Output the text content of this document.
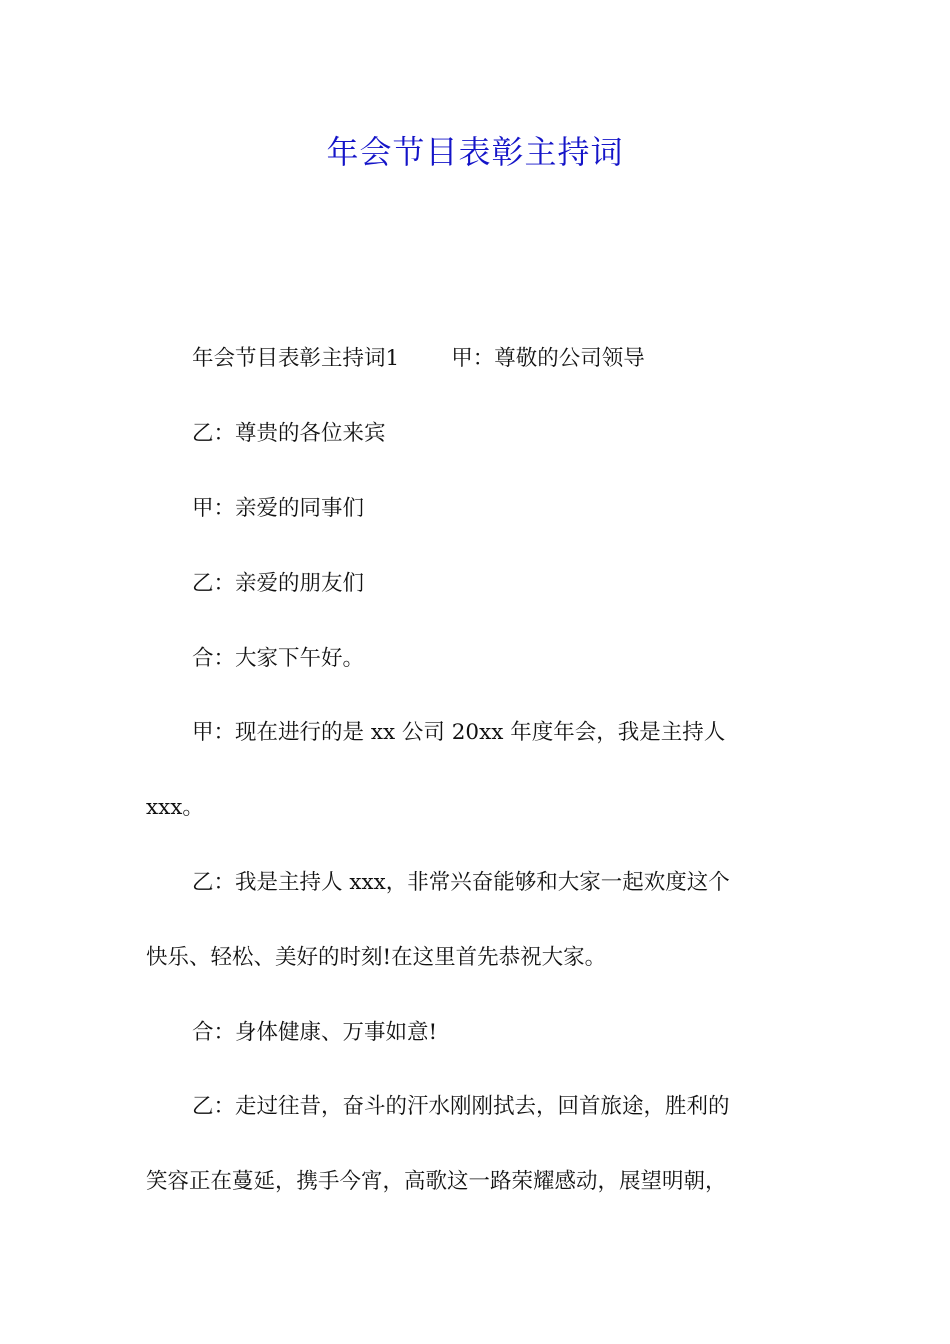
年会节目表彰主持词

年会节目表彰主持词1 甲：尊敬的公司领导

乙：尊贵的各位来宾

甲：亲爱的同事们

乙：亲爱的朋友们

合：大家下午好。

甲：现在进行的是 xx 公司 20xx 年度年会，我是主持人

xxx。

乙：我是主持人 xxx，非常兴奋能够和大家一起欢度这个

快乐、轻松、美好的时刻!在这里首先恭祝大家。

合：身体健康、万事如意!

乙：走过往昔，奋斗的汗水刚刚拭去，回首旅途，胜利的

笑容正在蔓延，携手今宵，高歌这一路荣耀感动，展望明朝，
